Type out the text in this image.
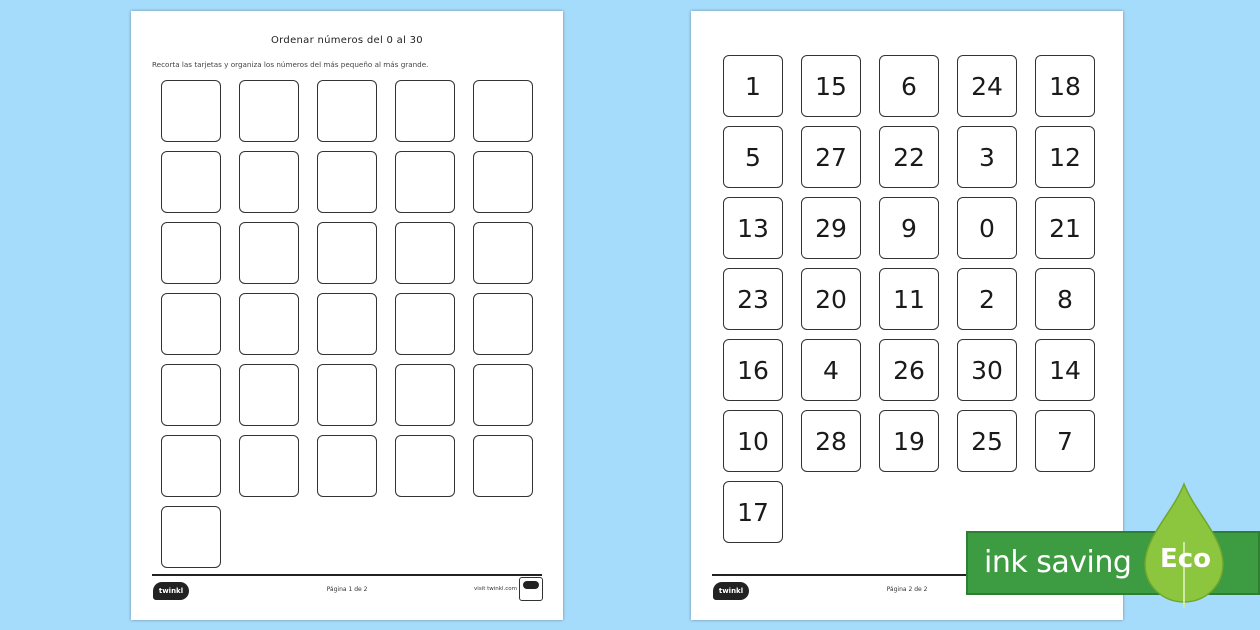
Ordenar números del 0 al 30
Recorta las tarjetas y organiza los números del más pequeño al más grande.
twinkl	Página 1 de 2	visit twinkl.com
1 15 6 24 18
5 27 22 3 12
13 29 9 0 21
23 20 11 2 8
16 4 26 30 14
10 28 19 25 7
17
twinkl	Página 2 de 2
ink saving Eco
